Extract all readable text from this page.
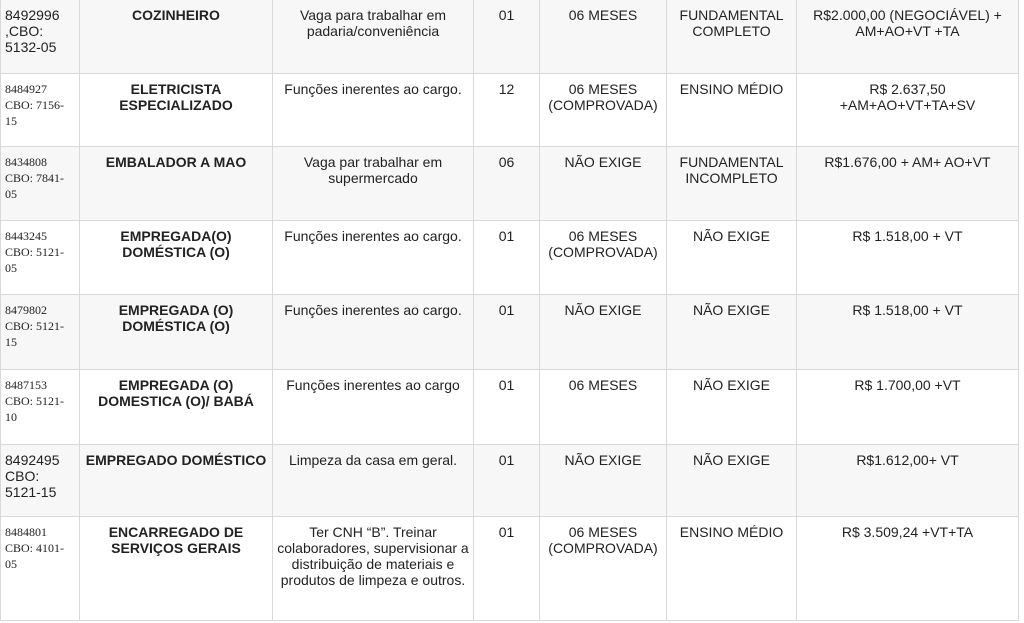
8492996 ,CBO: 5132-05	COZINHEIRO	Vaga para trabalhar em padaria/conveniência	01	06 MESES	FUNDAMENTAL COMPLETO	R$2.000,00 (NEGOCIÁVEL) + AM+AO+VT +TA
8484927 CBO: 7156-15	ELETRICISTA ESPECIALIZADO	Funções inerentes ao cargo.	12	06 MESES (COMPROVADA)	ENSINO MÉDIO	R$ 2.637,50 +AM+AO+VT+TA+SV
8434808 CBO: 7841-05	EMBALADOR A MAO	Vaga par trabalhar em supermercado	06	NÃO EXIGE	FUNDAMENTAL INCOMPLETO	R$1.676,00 + AM+ AO+VT
8443245 CBO: 5121-05	EMPREGADA(O) DOMÉSTICA (O)	Funções inerentes ao cargo.	01	06 MESES (COMPROVADA)	NÃO EXIGE	R$ 1.518,00 + VT
8479802 CBO: 5121-15	EMPREGADA (O) DOMÉSTICA (O)	Funções inerentes ao cargo.	01	NÃO EXIGE	NÃO EXIGE	R$ 1.518,00 + VT
8487153 CBO: 5121-10	EMPREGADA (O) DOMESTICA (O)/ BABÁ	Funções inerentes ao cargo	01	06 MESES	NÃO EXIGE	R$ 1.700,00 +VT
8492495 CBO: 5121-15	EMPREGADO DOMÉSTICO	Limpeza da casa em geral.	01	NÃO EXIGE	NÃO EXIGE	R$1.612,00+ VT
8484801 CBO: 4101-05	ENCARREGADO DE SERVIÇOS GERAIS	Ter CNH “B”. Treinar colaboradores, supervisionar a distribuição de materiais e produtos de limpeza e outros.	01	06 MESES (COMPROVADA)	ENSINO MÉDIO	R$ 3.509,24 +VT+TA
